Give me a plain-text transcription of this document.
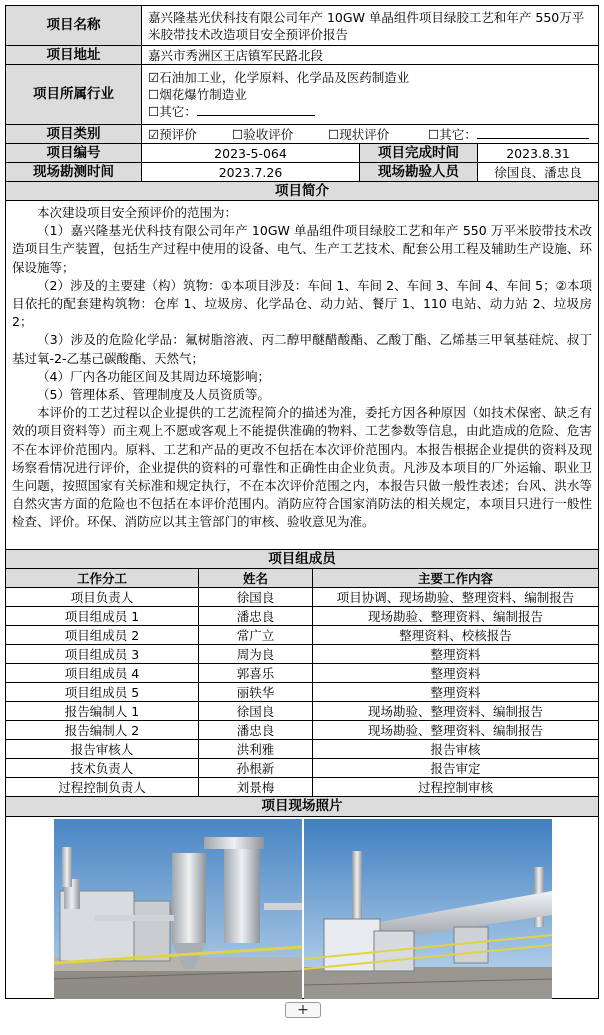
项目名称	嘉兴隆基光伏科技有限公司年产 10GW 单晶组件项目绿胶工艺和年产 550万平米胶带技术改造项目安全预评价报告
项目地址	嘉兴市秀洲区王店镇军民路北段
项目所属行业
☑石油加工业，化学原料、化学品及医药制造业
☐烟花爆竹制造业
☐其它：
项目类别	☑预评价	☐验收评价	☐现状评价	☐其它：
项目编号	2023-5-064	项目完成时间	2023.8.31
现场勘测时间	2023.7.26	现场勘验人员	徐国良、潘忠良
项目简介

本次建设项目安全预评价的范围为：

（1）嘉兴隆基光伏科技有限公司年产 10GW 单晶组件项目绿胶工艺和年产 550 万平米胶带技术改造项目生产装置，包括生产过程中使用的设备、电气、生产工艺技术、配套公用工程及辅助生产设施、环保设施等；

（2）涉及的主要建（构）筑物：①本项目涉及：车间 1、车间 2、车间 3、车间 4、车间 5；②本项目依托的配套建构筑物：仓库 1、垃圾房、化学品仓、动力站、餐厅 1、110 电站、动力站 2、垃圾房 2；

（3）涉及的危险化学品：氟树脂溶液、丙二醇甲醚醋酸酯、乙酸丁酯、乙烯基三甲氧基硅烷、叔丁基过氧-2-乙基己碳酸酯、天然气；

（4）厂内各功能区间及其周边环境影响；

（5）管理体系、管理制度及人员资质等。

本评价的工艺过程以企业提供的工艺流程简介的描述为准，委托方因各种原因（如技术保密、缺乏有效的项目资料等）而主观上不愿或客观上不能提供准确的物料、工艺参数等信息，由此造成的危险、危害不在本评价范围内。原料、工艺和产品的更改不包括在本次评价范围内。本报告根据企业提供的资料及现场察看情况进行评价，企业提供的资料的可靠性和正确性由企业负责。凡涉及本项目的厂外运输、职业卫生问题，按照国家有关标准和规定执行，不在本次评价范围之内，本报告只做一般性表述；台风、洪水等自然灾害方面的危险也不包括在本评价范围内。消防应符合国家消防法的相关规定，本项目只进行一般性检查、评价。环保、消防应以其主管部门的审核、验收意见为准。

项目组成员
工作分工	姓名	主要工作内容
项目负责人	徐国良	项目协调、现场勘验、整理资料、编制报告
项目组成员 1	潘忠良	现场勘验、整理资料、编制报告
项目组成员 2	常广立	整理资料、校核报告
项目组成员 3	周为良	整理资料
项目组成员 4	郭喜乐	整理资料
项目组成员 5	丽轶华	整理资料
报告编制人 1	徐国良	现场勘验、整理资料、编制报告
报告编制人 2	潘忠良	现场勘验、整理资料、编制报告
报告审核人	洪利雅	报告审核
技术负责人	孙根新	报告审定
过程控制负责人	刘景梅	过程控制审核
项目现场照片
+
